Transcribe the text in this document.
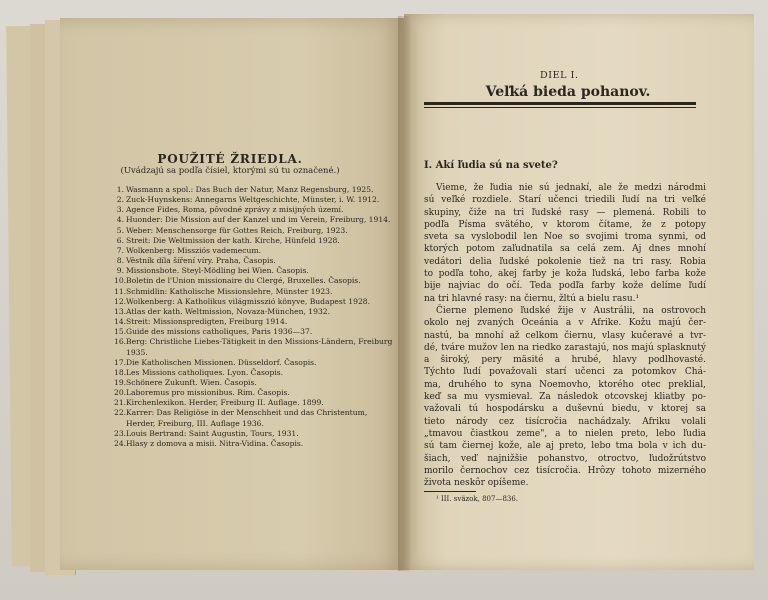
POUŽITÉ ŽRIEDLA.
(Uvádzajú sa podľa čísiel, ktorými sú tu označené.)
1. Wasmann a spol.: Das Buch der Natur, Manz Regensburg, 1925.
2. Zuck-Huynskens: Annegarns Weltgeschichte, Münster, i. W. 1912.
3. Agence Fides, Roma, pôvodné zprávy z misijných území.
4. Huonder: Die Mission auf der Kanzel und im Verein, Freiburg, 1914.
5. Weber: Menschensorge für Gottes Reich, Freiburg, 1923.
6. Streit: Die Weltmission der kath. Kirche, Hünfeld 1928.
7. Wolkenberg: Missziós vademecum.
8. Věstník díla šíření víry. Praha, Časopis.
9. Missionsbote. Steyl-Mödling bei Wien. Časopis.
10. Boletin de l'Union missionaire du Clergé, Bruxelles. Časopis.
11. Schmidlin: Katholische Missionslehre, Münster 1923.
12. Wolkenberg: A Katholikus világmisszió könyve, Budapest 1928.
13. Atlas der kath. Weltmission, Novaza-München, 1932.
14. Streit: Missionspredigten, Freiburg 1914.
15. Guide des missions catholiques, Paris 1936—37.
16. Berg: Christliche Liebes-Tätigkeit in den Missions-Ländern, Freiburg 1935.
17. Die Katholischen Missionen. Düsseldorf. Časopis.
18. Les Missions catholiques. Lyon. Časopis.
19. Schönere Zukunft. Wien. Časopis.
20. Laboremus pro missionibus. Rim. Časopis.
21. Kirchenlexikon. Herder, Freiburg II. Auflage. 1899.
22. Karrer: Das Religiöse in der Menschheit und das Christentum, Herder, Freiburg, III. Auflage 1936.
23. Louis Bertrand: Saint Augustin, Tours, 1931.
24. Hlasy z domova a misii. Nitra-Vidina. Časopis.
DIEL I.
Veľká bieda pohanov.
I. Akí ľudia sú na svete?

Vieme, že ľudia nie sú jednakí, ale že medzi národmi
sú veľké rozdiele. Starí učenci triedili ľudí na tri veľké
skupiny, čiže na tri ľudské rasy — plemená. Robili to
podľa Písma svätého, v ktorom čítame, že z potopy
sveta sa vyslobodil len Noe so svojimi troma synmi, od
ktorých potom zaľudnatila sa celá zem. Aj dnes mnohí
vedátori delia ľudské pokolenie tiež na tri rasy. Robia
to podľa toho, akej farby je koža ľudská, lebo farba kože
bije najviac do očí. Teda podľa farby kože delíme ľudí
na tri hlavné rasy: na čiernu, žltú a bielu rasu.¹

Čierne plemeno ľudské žije v Austrálii, na ostrovoch
okolo nej zvaných Oceánia a v Afrike. Kožu majú čer-
nastú, ba mnohí až celkom čiernu, vlasy kučeravé a tvr-
dé, tváre mužov len na riedko zarastajú, nos majú splasknutý
a široký, pery mäsité a hrubé, hlavy podlhovasté.
Týchto ľudí považovali starí učenci za potomkov Chá-
ma, druhého to syna Noemovho, ktorého otec preklial,
keď sa mu vysmieval. Za následok otcovskej kliatby po-
važovali tú hospodársku a duševnú biedu, v ktorej sa
tieto národy cez tisícročia nachádzaly. Afriku volali
„tmavou čiastkou zeme", a to nielen preto, lebo ľudia
sú tam čiernej kože, ale aj preto, lebo tma bola v ich du-
šiach, veď najnižšie pohanstvo, otroctvo, ľudožrútstvo
morilo černochov cez tisícročia. Hrôzy tohoto mizerného
života neskôr opíšeme.

¹ III. sväzok, 807—836.
